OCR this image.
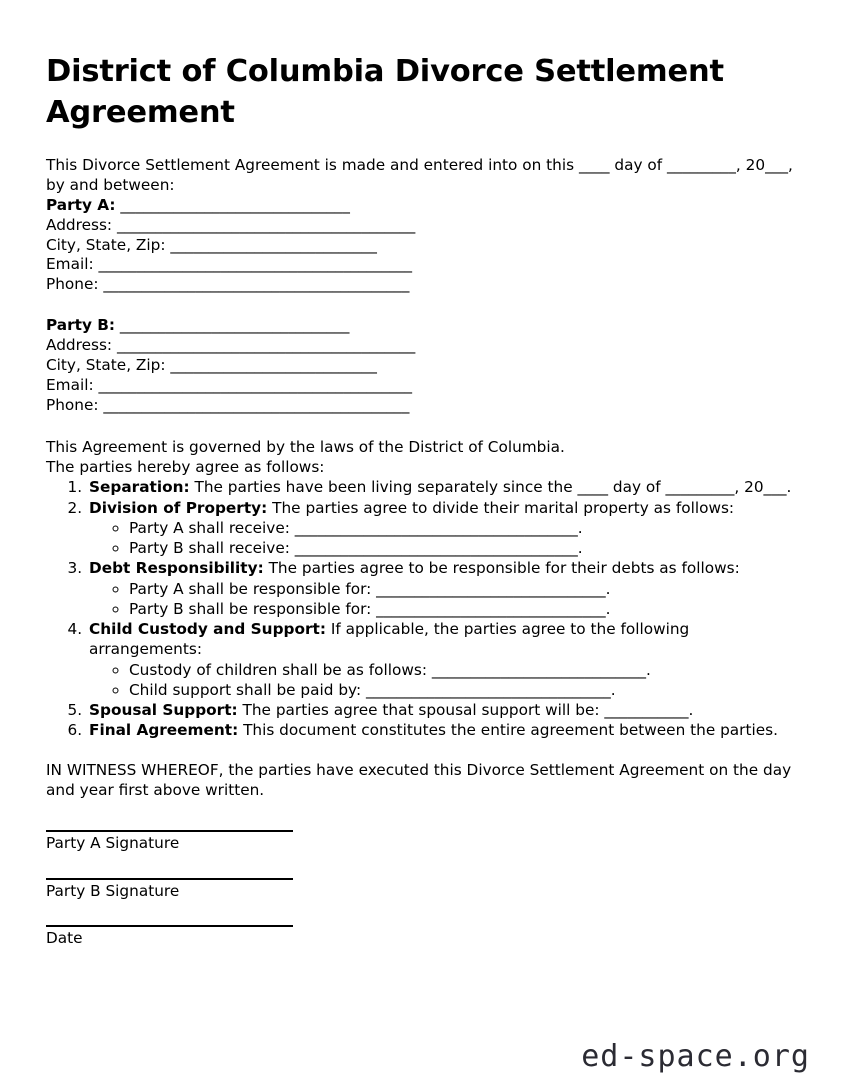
District of Columbia Divorce Settlement Agreement

This Divorce Settlement Agreement is made and entered into on this ____ day of _________, 20___, by and between:

Party A: ______________________________
Address: _______________________________________
City, State, Zip: ___________________________
Email: _________________________________________
Phone: ________________________________________
Party B: ______________________________
Address: _______________________________________
City, State, Zip: ___________________________
Email: _________________________________________
Phone: ________________________________________

This Agreement is governed by the laws of the District of Columbia.

The parties hereby agree as follows:

1. Separation: The parties have been living separately since the ____ day of _________, 20___.
2. Division of Property: The parties agree to divide their marital property as follows:
◦ Party A shall receive: _____________________________________.
◦ Party B shall receive: _____________________________________.
3. Debt Responsibility: The parties agree to be responsible for their debts as follows:
◦ Party A shall be responsible for: ______________________________.
◦ Party B shall be responsible for: ______________________________.
4. Child Custody and Support: If applicable, the parties agree to the following arrangements:
◦ Custody of children shall be as follows: ____________________________.
◦ Child support shall be paid by: ________________________________.
5. Spousal Support: The parties agree that spousal support will be: ___________.
6. Final Agreement: This document constitutes the entire agreement between the parties.

IN WITNESS WHEREOF, the parties have executed this Divorce Settlement Agreement on the day and year first above written.

Party A Signature
Party B Signature
Date
ed-space.org
